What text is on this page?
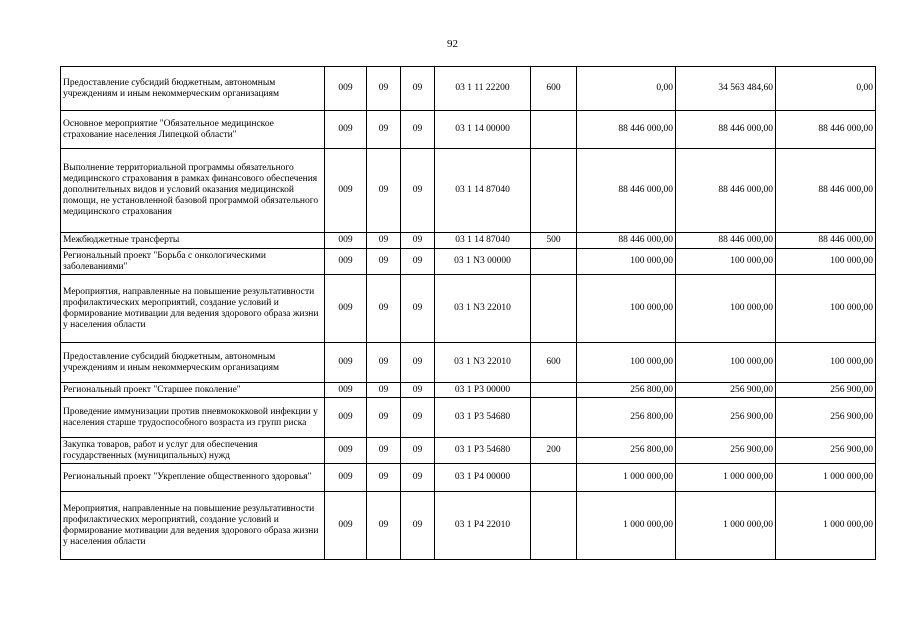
92
Предоставление субсидий бюджетным, автономным учреждениям и иным некоммерческим организациям	009	09	09	03 1 11 22200	600	0,00	34 563 484,60	0,00
Основное мероприятие "Обязательное медицинское страхование населения Липецкой области"	009	09	09	03 1 14 00000		88 446 000,00	88 446 000,00	88 446 000,00
Выполнение территориальной программы обязательного медицинского страхования в рамках финансового обеспечения дополнительных видов и условий оказания медицинской помощи, не установленной базовой программой обязательного медицинского страхования	009	09	09	03 1 14 87040		88 446 000,00	88 446 000,00	88 446 000,00
Межбюджетные трансферты	009	09	09	03 1 14 87040	500	88 446 000,00	88 446 000,00	88 446 000,00
Региональный проект "Борьба с онкологическими заболеваниями"	009	09	09	03 1 N3 00000		100 000,00	100 000,00	100 000,00
Мероприятия, направленные на повышение результативности профилактических мероприятий, создание условий и формирование мотивации для ведения здорового образа жизни у населения области	009	09	09	03 1 N3 22010		100 000,00	100 000,00	100 000,00
Предоставление субсидий бюджетным, автономным учреждениям и иным некоммерческим организациям	009	09	09	03 1 N3 22010	600	100 000,00	100 000,00	100 000,00
Региональный проект "Старшее поколение"	009	09	09	03 1 P3 00000		256 800,00	256 900,00	256 900,00
Проведение иммунизации против пневмококковой инфекции у населения старше трудоспособного возраста из групп риска	009	09	09	03 1 P3 54680		256 800,00	256 900,00	256 900,00
Закупка товаров, работ и услуг для обеспечения государственных (муниципальных) нужд	009	09	09	03 1 P3 54680	200	256 800,00	256 900,00	256 900,00
Региональный проект "Укрепление общественного здоровья"	009	09	09	03 1 P4 00000		1 000 000,00	1 000 000,00	1 000 000,00
Мероприятия, направленные на повышение результативности профилактических мероприятий, создание условий и формирование мотивации для ведения здорового образа жизни у населения области	009	09	09	03 1 P4 22010		1 000 000,00	1 000 000,00	1 000 000,00
